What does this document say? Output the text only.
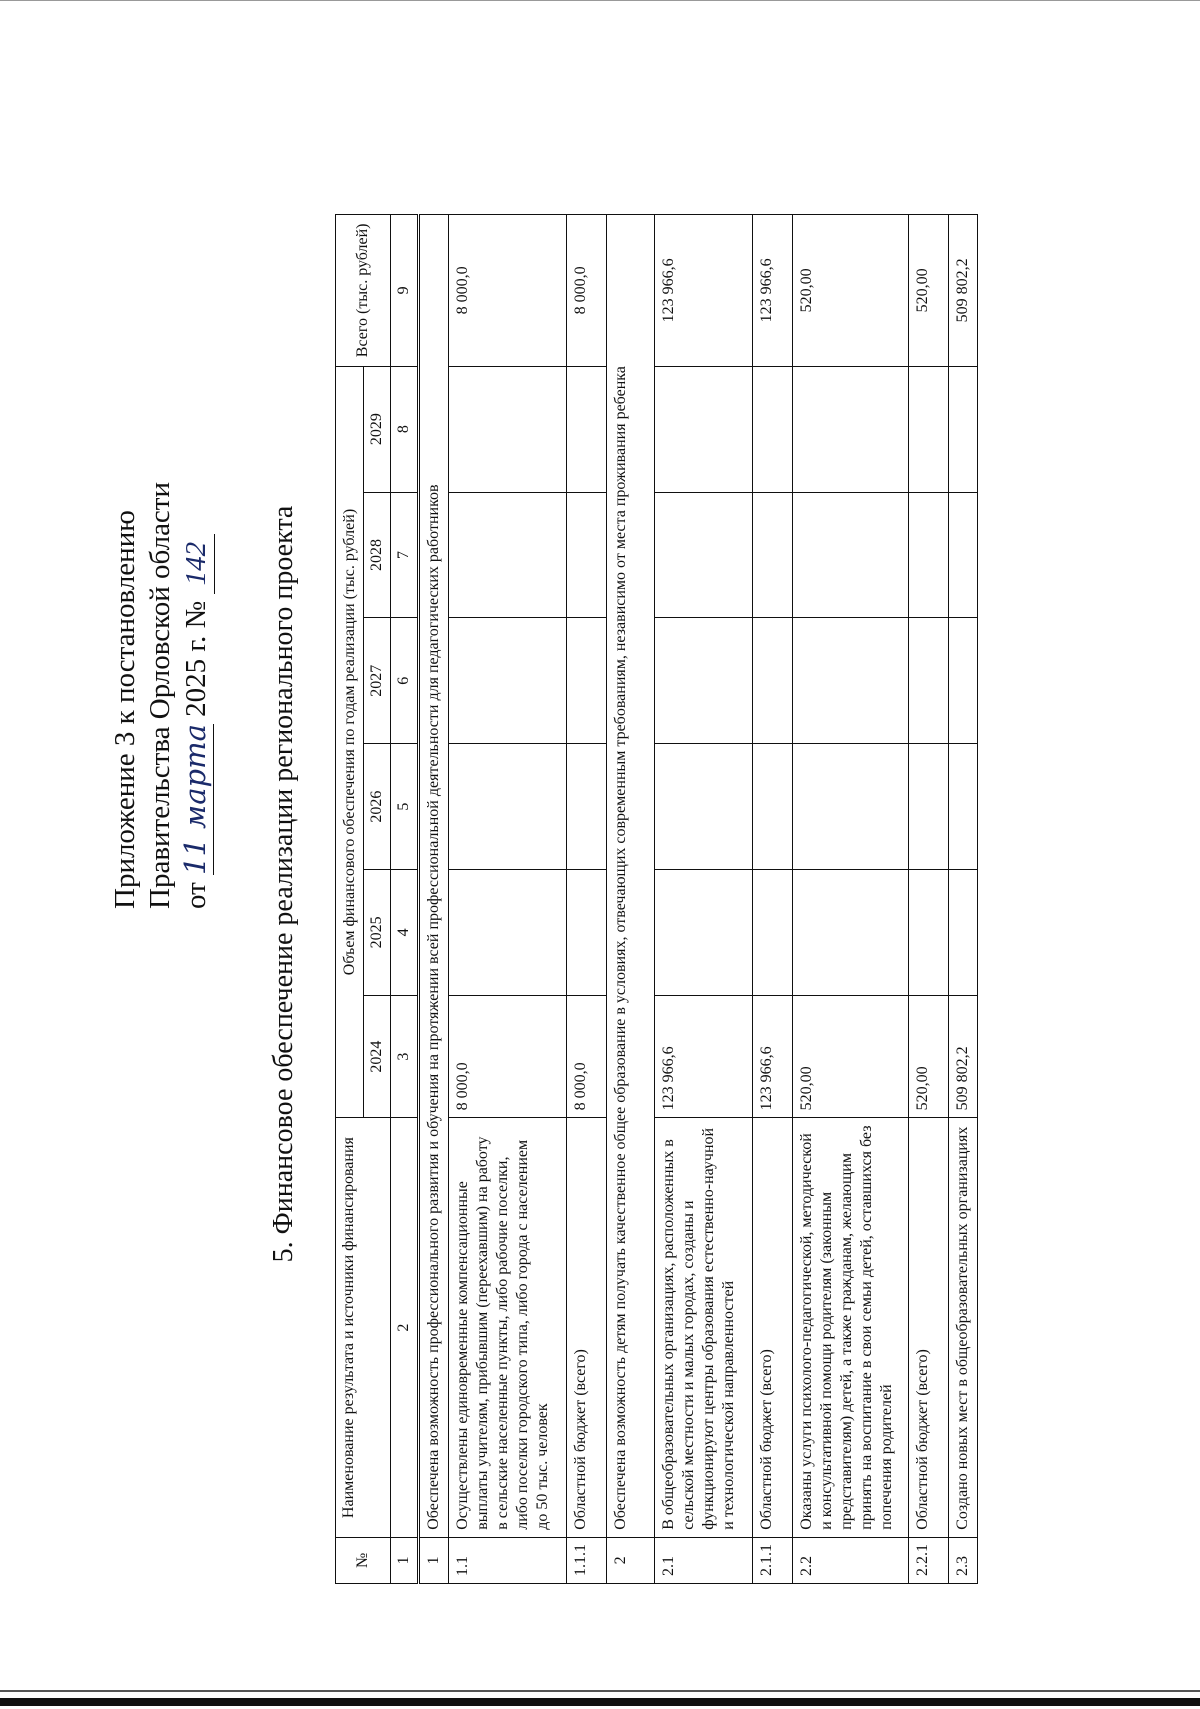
Приложение 3 к постановлению Правительства Орловской области от 11 марта 2025 г. № 142 5. Финансовое обеспечение реализации регионального проекта
№	Наименование результата и источники финансирования	Объем финансового обеспечения по годам реализации (тыс. рублей)						Всего (тыс. рублей)
		2024	2025	2026	2027	2028	2029	
1	2	3	4	5	6	7	8	9
1	Обеспечена возможность профессионального развития и обучения на протяжении всей профессиональной деятельности для педагогических работников							
1.1	Осуществлены единовременные компенсационные выплаты учителям, прибывшим (переехавшим) на работу в сельские населенные пункты, либо рабочие поселки, либо поселки городского типа, либо города с населением до 50 тыс. человек	8 000,0						8 000,0
1.1.1	Областной бюджет (всего)	8 000,0						8 000,0
2	Обеспечена возможность детям получать качественное общее образование в условиях, отвечающих современным требованиям, независимо от места проживания ребенка							
2.1	В общеобразовательных организациях, расположенных в сельской местности и малых городах, созданы и функционируют центры образования естественно-научной и технологической направленностей	123 966,6						123 966,6
2.1.1	Областной бюджет (всего)	123 966,6						123 966,6
2.2	Оказаны услуги психолого-педагогической, методической и консультативной помощи родителям (законным представителям) детей, а также гражданам, желающим принять на воспитание в свои семьи детей, оставшихся без попечения родителей	520,00						520,00
2.2.1	Областной бюджет (всего)	520,00						520,00
2.3	Создано новых мест в общеобразовательных организациях	509 802,2						509 802,2
